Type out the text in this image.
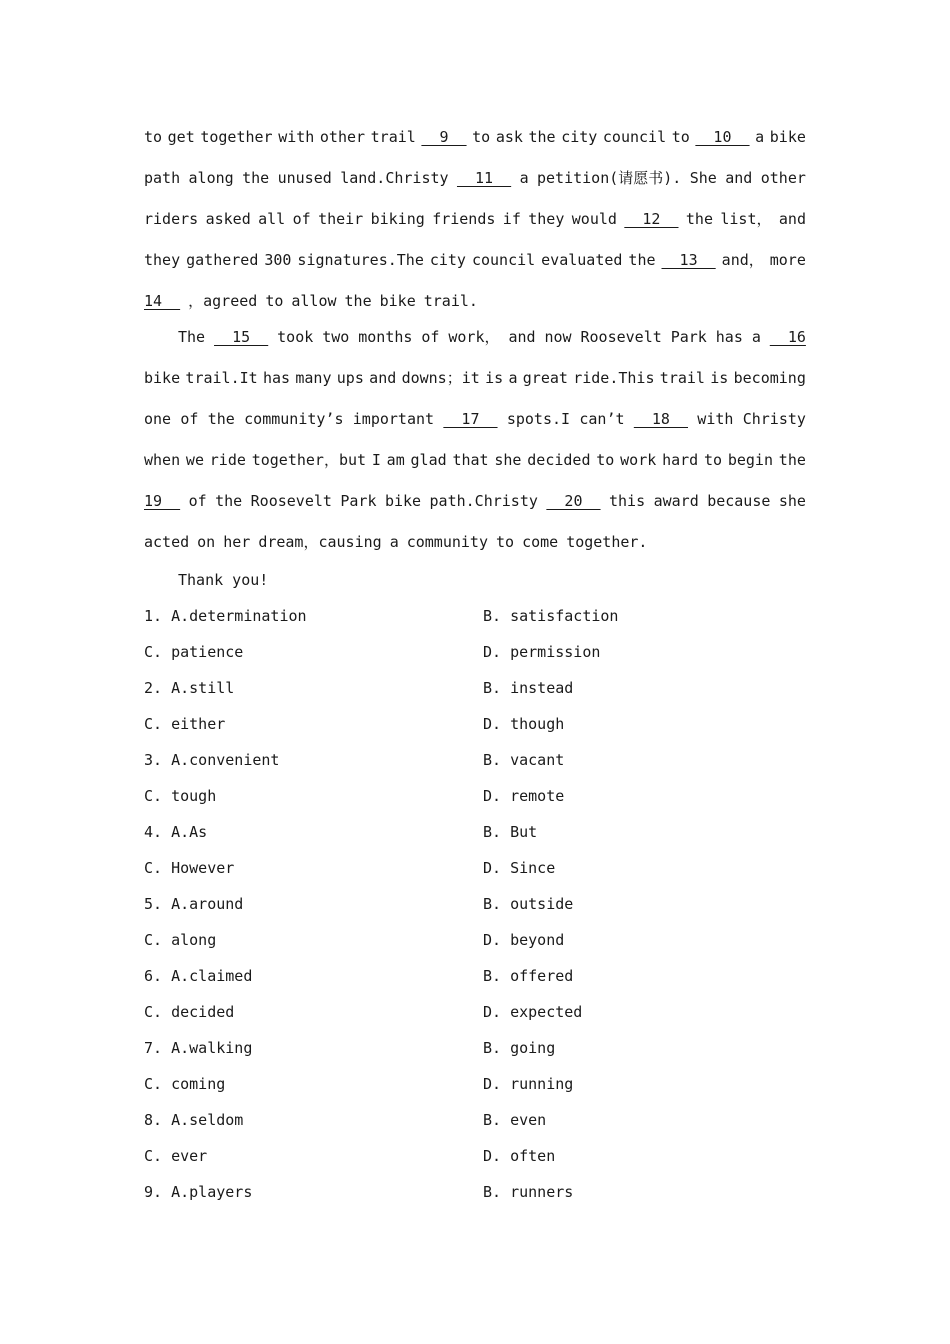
to get together with other trail 9 to ask the city council to 10 a bike
path along the unused land.Christy 11 a petition(请愿书). She and other
riders asked all of their biking friends if they would 12 the list， and
they gathered 300 signatures.The city council evaluated the 13 and， more
14 ，agreed to allow the bike trail.
The 15 took two months of work， and now Roosevelt Park has a 16
bike trail.It has many ups and downs；it is a great ride.This trail is becoming
one of the community’s important 17 spots.I can’t 18 with Christy
when we ride together，but I am glad that she decided to work hard to begin the
19 of the Roosevelt Park bike path.Christy 20 this award because she
acted on her dream，causing a community to come together.
Thank you!
1. A.determination	B. satisfaction
C. patience	D. permission
2. A.still	B. instead
C. either	D. though
3. A.convenient	B. vacant
C. tough	D. remote
4. A.As	B. But
C. However	D. Since
5. A.around	B. outside
C. along	D. beyond
6. A.claimed	B. offered
C. decided	D. expected
7. A.walking	B. going
C. coming	D. running
8. A.seldom	B. even
C. ever	D. often
9. A.players	B. runners
